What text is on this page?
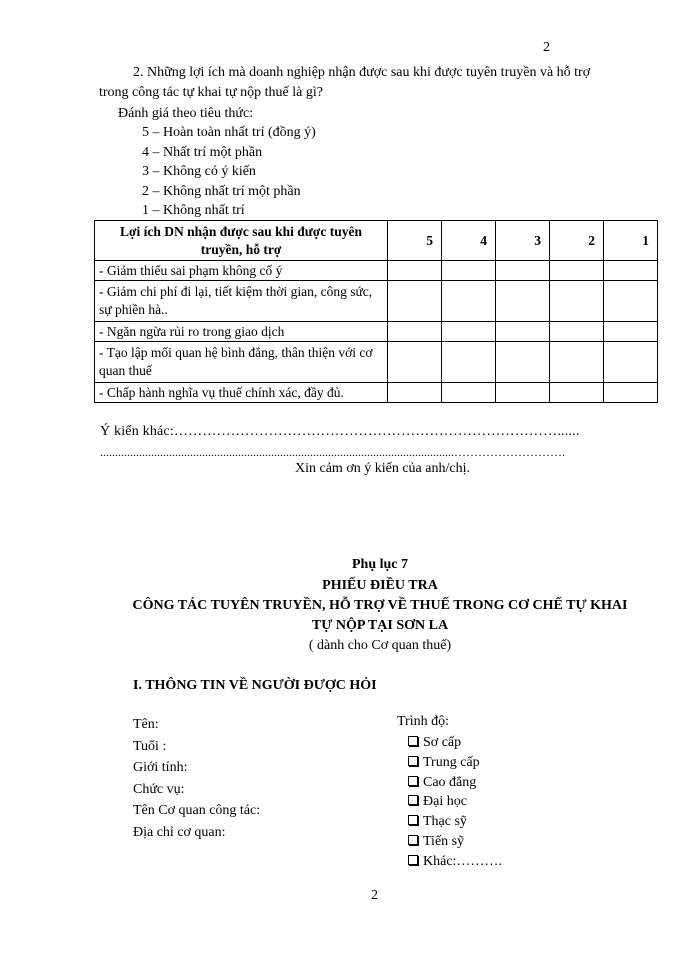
2
2. Những lợi ích mà doanh nghiệp nhận được sau khi được tuyên truyền và hỗ trợ
trong công tác tự khai tự nộp thuế là gì?
Đánh giá theo tiêu thức:
5 – Hoàn toàn nhất trí (đồng ý)
4 – Nhất trí một phần
3 – Không có ý kiến
2 – Không nhất trí một phần
1 – Không nhất trí
Lợi ích DN nhận được sau khi được tuyên truyền, hỗ trợ	5	4	3	2	1
- Giảm thiểu sai phạm không cố ý					
- Giảm chi phí đi lại, tiết kiệm thời gian, công sức, sự phiền hà..					
- Ngăn ngừa rủi ro trong giao dịch					
- Tạo lập mối quan hệ bình đẳng, thân thiện với cơ quan thuế					
- Chấp hành nghĩa vụ thuế chính xác, đầy đủ.					
Ý kiến khác:………………………………………………………………………......
......................................................................................................................……………………….
Xin cảm ơn ý kiến của anh/chị.
Phụ lục 7
PHIẾU ĐIỀU TRA
CÔNG TÁC TUYÊN TRUYỀN, HỖ TRỢ VỀ THUẾ TRONG CƠ CHẾ TỰ KHAI
TỰ NỘP TẠI SƠN LA
( dành cho Cơ quan thuế)
I. THÔNG TIN VỀ NGƯỜI ĐƯỢC HỎI
Tên:
Tuổi :
Giới tính:
Chức vụ:
Tên Cơ quan công tác:
Địa chỉ cơ quan:
Trình độ:
Sơ cấp
Trung cấp
Cao đẳng
Đại học
Thạc sỹ
Tiến sỹ
Khác:……….
2
